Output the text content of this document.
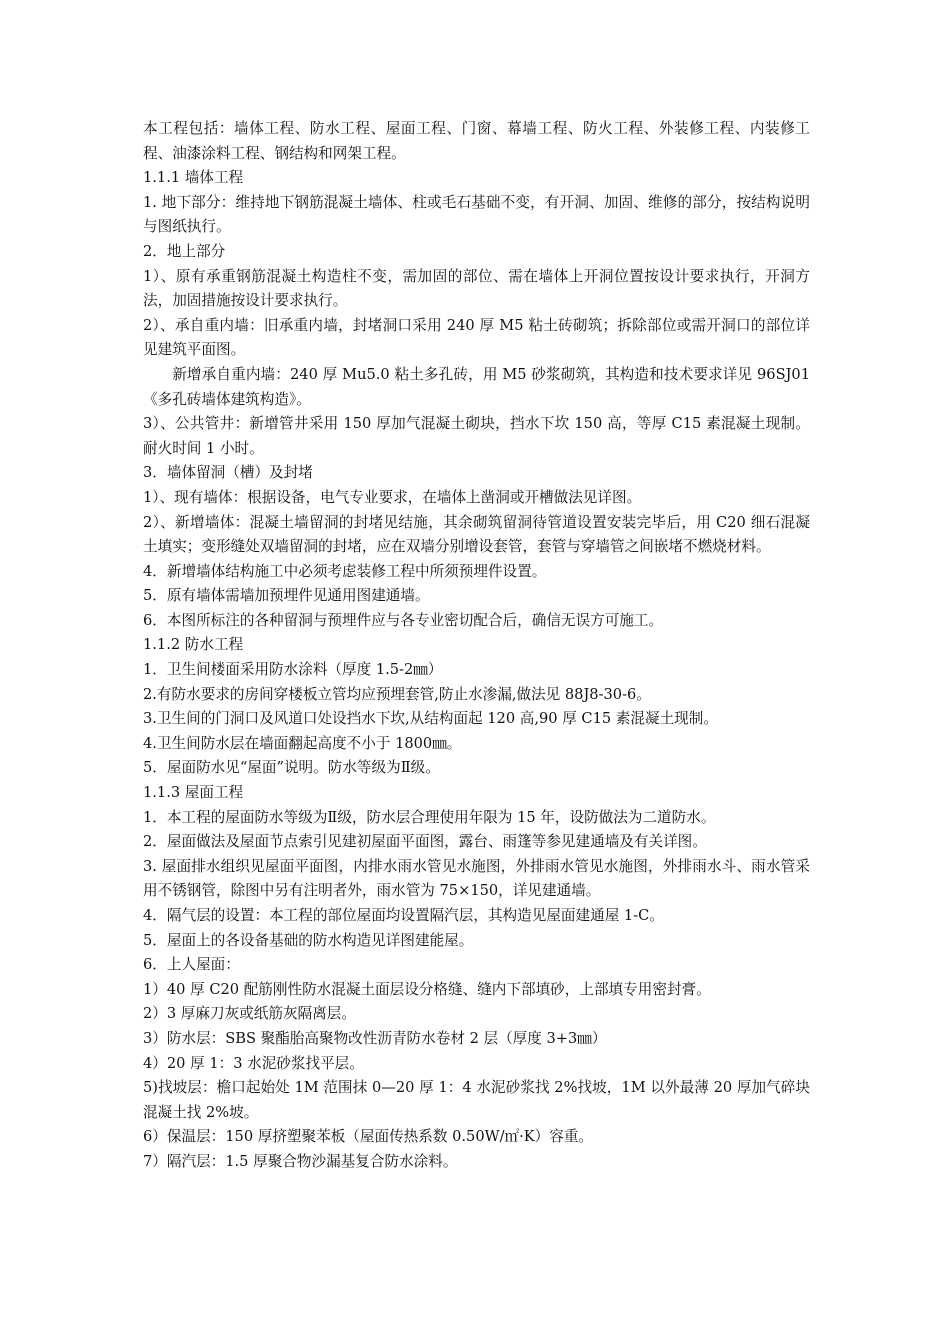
本工程包括：墙体工程、防水工程、屋面工程、门窗、幕墙工程、防火工程、外装修工程、内装修工程、油漆涂料工程、钢结构和网架工程。

1.1.1 墙体工程

1. 地下部分：维持地下钢筋混凝土墙体、柱或毛石基础不变，有开洞、加固、维修的部分，按结构说明与图纸执行。

2．地上部分

1）、原有承重钢筋混凝土构造柱不变，需加固的部位、需在墙体上开洞位置按设计要求执行，开洞方法，加固措施按设计要求执行。

2）、承自重内墙：旧承重内墙，封堵洞口采用 240 厚 M5 粘土砖砌筑；拆除部位或需开洞口的部位详见建筑平面图。

新增承自重内墙：240 厚 Mu5.0 粘土多孔砖，用 M5 砂浆砌筑，其构造和技术要求详见 96SJ01《多孔砖墙体建筑构造》。

3）、公共管井：新增管井采用 150 厚加气混凝土砌块，挡水下坎 150 高，等厚 C15 素混凝土现制。耐火时间 1 小时。

3．墙体留洞（槽）及封堵

1）、现有墙体：根据设备，电气专业要求，在墙体上凿洞或开槽做法见详图。

2）、新增墙体：混凝土墙留洞的封堵见结施，其余砌筑留洞待管道设置安装完毕后，用 C20 细石混凝土填实；变形缝处双墙留洞的封堵，应在双墙分别增设套管，套管与穿墙管之间嵌堵不燃烧材料。

4．新增墙体结构施工中必须考虑装修工程中所须预埋件设置。

5．原有墙体需墙加预埋件见通用图建通墙。

6．本图所标注的各种留洞与预埋件应与各专业密切配合后，确信无误方可施工。

1.1.2 防水工程

1．卫生间楼面采用防水涂料（厚度 1.5-2㎜）

2.有防水要求的房间穿楼板立管均应预埋套管,防止水渗漏,做法见 88J8-30-6。

3.卫生间的门洞口及风道口处设挡水下坎,从结构面起 120 高,90 厚 C15 素混凝土现制。

4.卫生间防水层在墙面翻起高度不小于 1800㎜。

5．屋面防水见“屋面”说明。防水等级为Ⅱ级。

1.1.3 屋面工程

1．本工程的屋面防水等级为Ⅱ级，防水层合理使用年限为 15 年，设防做法为二道防水。

2．屋面做法及屋面节点索引见建初屋面平面图，露台、雨篷等参见建通墙及有关详图。

3. 屋面排水组织见屋面平面图，内排水雨水管见水施图，外排雨水管见水施图，外排雨水斗、雨水管采用不锈钢管，除图中另有注明者外，雨水管为 75×150，详见建通墙。

4．隔气层的设置：本工程的部位屋面均设置隔汽层，其构造见屋面建通屋 1-C。

5．屋面上的各设备基础的防水构造见详图建能屋。

6．上人屋面：

1）40 厚 C20 配筋刚性防水混凝土面层设分格缝、缝内下部填砂，上部填专用密封膏。

2）3 厚麻刀灰或纸筋灰隔离层。

3）防水层：SBS 聚酯胎高聚物改性沥青防水卷材 2 层（厚度 3+3㎜）

4）20 厚 1：3 水泥砂浆找平层。

5)找坡层：檐口起始处 1M 范围抹 0—20 厚 1：4 水泥砂浆找 2%找坡，1M 以外最薄 20 厚加气碎块混凝土找 2%坡。

6）保温层：150 厚挤塑聚苯板（屋面传热系数 0.50W/㎡·K）容重。

7）隔汽层：1.5 厚聚合物沙漏基复合防水涂料。
